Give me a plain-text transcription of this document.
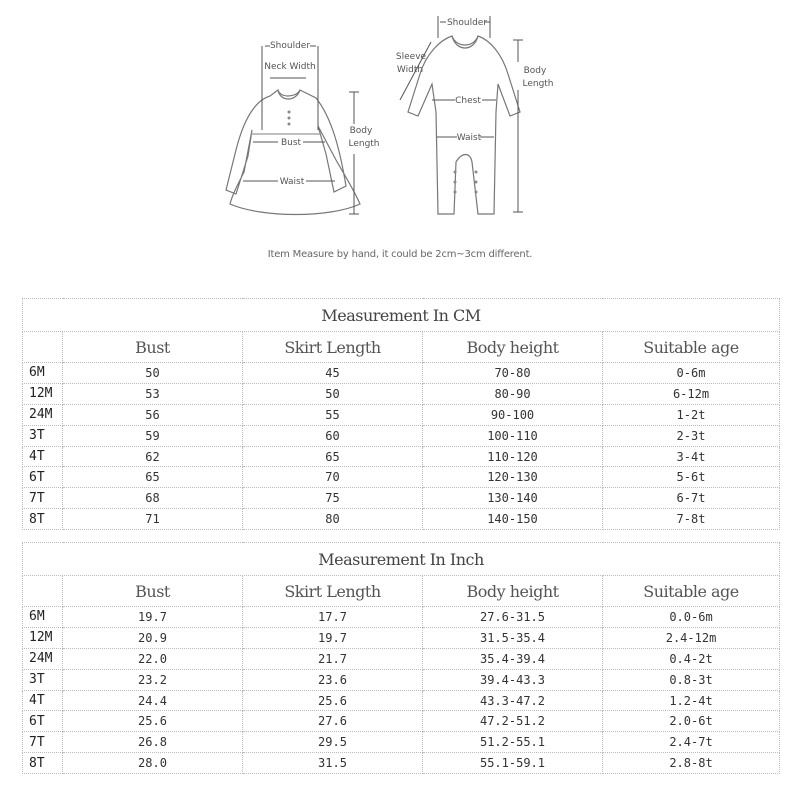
Shoulder
Neck Width
Bust
Waist
Body
Length
Shoulder
Sleeve
Width
Chest
Waist
Body
Length
Item Measure by hand, it could be 2cm~3cm different.
Measurement In CM				
	Bust	Skirt Length	Body height	Suitable age
6M	50	45	70-80	0-6m
12M	53	50	80-90	6-12m
24M	56	55	90-100	1-2t
3T	59	60	100-110	2-3t
4T	62	65	110-120	3-4t
6T	65	70	120-130	5-6t
7T	68	75	130-140	6-7t
8T	71	80	140-150	7-8t
Measurement In Inch				
	Bust	Skirt Length	Body height	Suitable age
6M	19.7	17.7	27.6-31.5	0.0-6m
12M	20.9	19.7	31.5-35.4	2.4-12m
24M	22.0	21.7	35.4-39.4	0.4-2t
3T	23.2	23.6	39.4-43.3	0.8-3t
4T	24.4	25.6	43.3-47.2	1.2-4t
6T	25.6	27.6	47.2-51.2	2.0-6t
7T	26.8	29.5	51.2-55.1	2.4-7t
8T	28.0	31.5	55.1-59.1	2.8-8t
